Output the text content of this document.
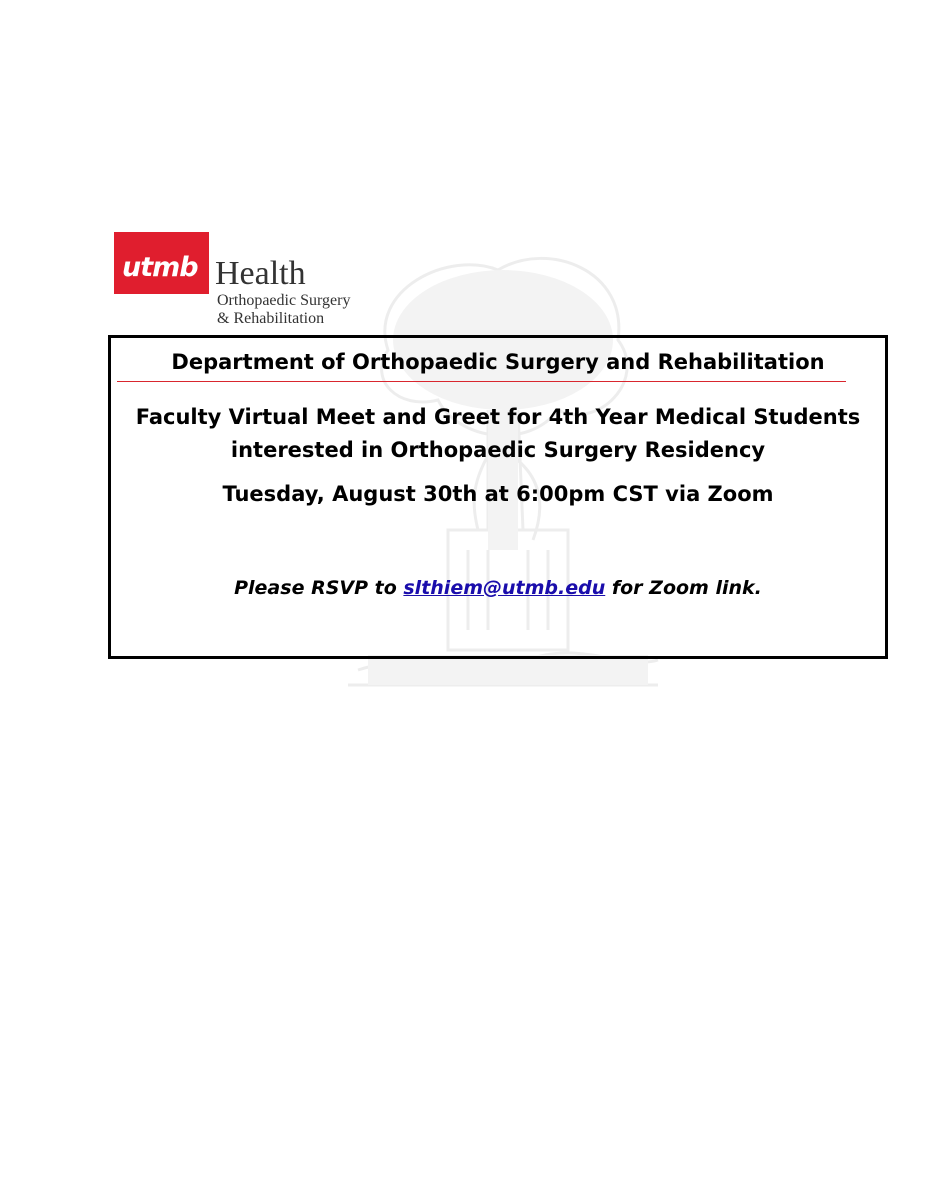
utmb Health
Orthopaedic Surgery
& Rehabilitation
Department of Orthopaedic Surgery and Rehabilitation
Faculty Virtual Meet and Greet for 4th Year Medical Students
interested in Orthopaedic Surgery Residency
Tuesday, August 30th at 6:00pm CST via Zoom
Please RSVP to slthiem@utmb.edu for Zoom link.
